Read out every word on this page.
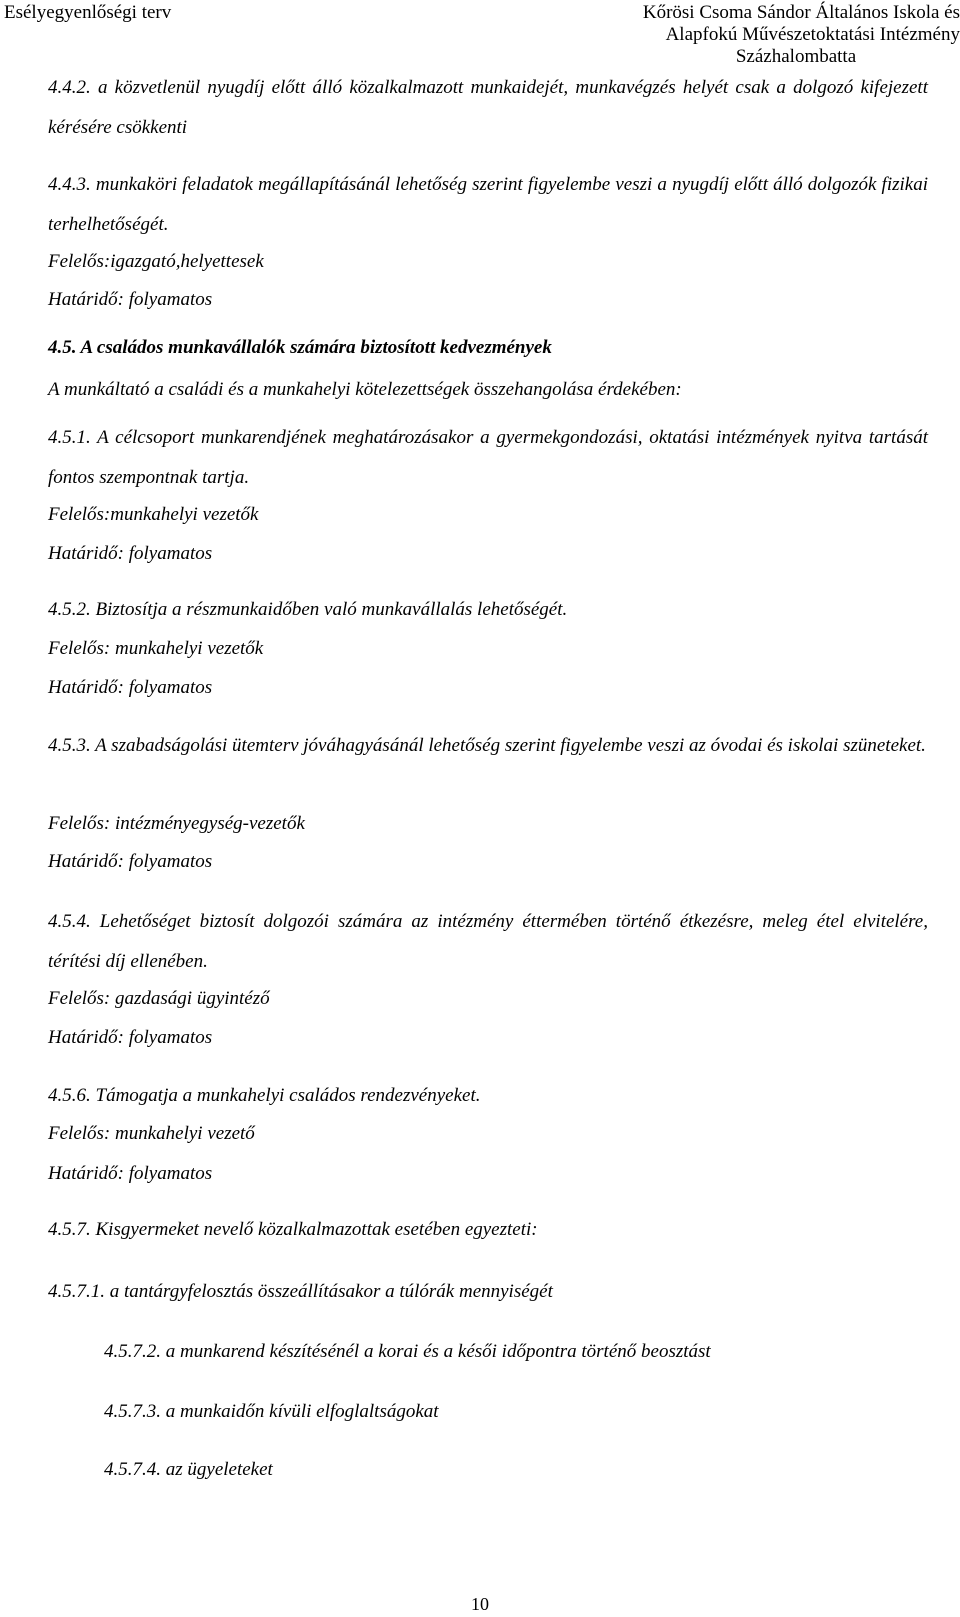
Esélyegyenlőségi terv	Kőrösi Csoma Sándor Általános Iskola és
Alapfokú Művészetoktatási Intézmény
Százhalombatta

4.4.2. a közvetlenül nyugdíj előtt álló közalkalmazott munkaidejét, munkavégzés helyét csak a dolgozó kifejezett kérésére csökkenti

4.4.3. munkaköri feladatok megállapításánál lehetőség szerint figyelembe veszi a nyugdíj előtt álló dolgozók fizikai terhelhetőségét.

Felelős:igazgató,helyettesek

Határidő: folyamatos

4.5. A családos munkavállalók számára biztosított kedvezmények

A munkáltató a családi és a munkahelyi kötelezettségek összehangolása érdekében:

4.5.1. A célcsoport munkarendjének meghatározásakor a gyermekgondozási, oktatási intézmények nyitva tartását fontos szempontnak tartja.

Felelős:munkahelyi vezetők

Határidő: folyamatos

4.5.2. Biztosítja a részmunkaidőben való munkavállalás lehetőségét.

Felelős: munkahelyi vezetők

Határidő: folyamatos

4.5.3. A szabadságolási ütemterv jóváhagyásánál lehetőség szerint figyelembe veszi az óvodai és iskolai szüneteket.

Felelős: intézményegység-vezetők

Határidő: folyamatos

4.5.4. Lehetőséget biztosít dolgozói számára az intézmény éttermében történő étkezésre, meleg étel elvitelére, térítési díj ellenében.

Felelős: gazdasági ügyintéző

Határidő: folyamatos

4.5.6. Támogatja a munkahelyi családos rendezvényeket.

Felelős: munkahelyi vezető

Határidő: folyamatos

4.5.7. Kisgyermeket nevelő közalkalmazottak esetében egyezteti:

4.5.7.1. a tantárgyfelosztás összeállításakor a túlórák mennyiségét

4.5.7.2. a munkarend készítésénél a korai és a késői időpontra történő beosztást

4.5.7.3. a munkaidőn kívüli elfoglaltságokat

4.5.7.4. az ügyeleteket

10
